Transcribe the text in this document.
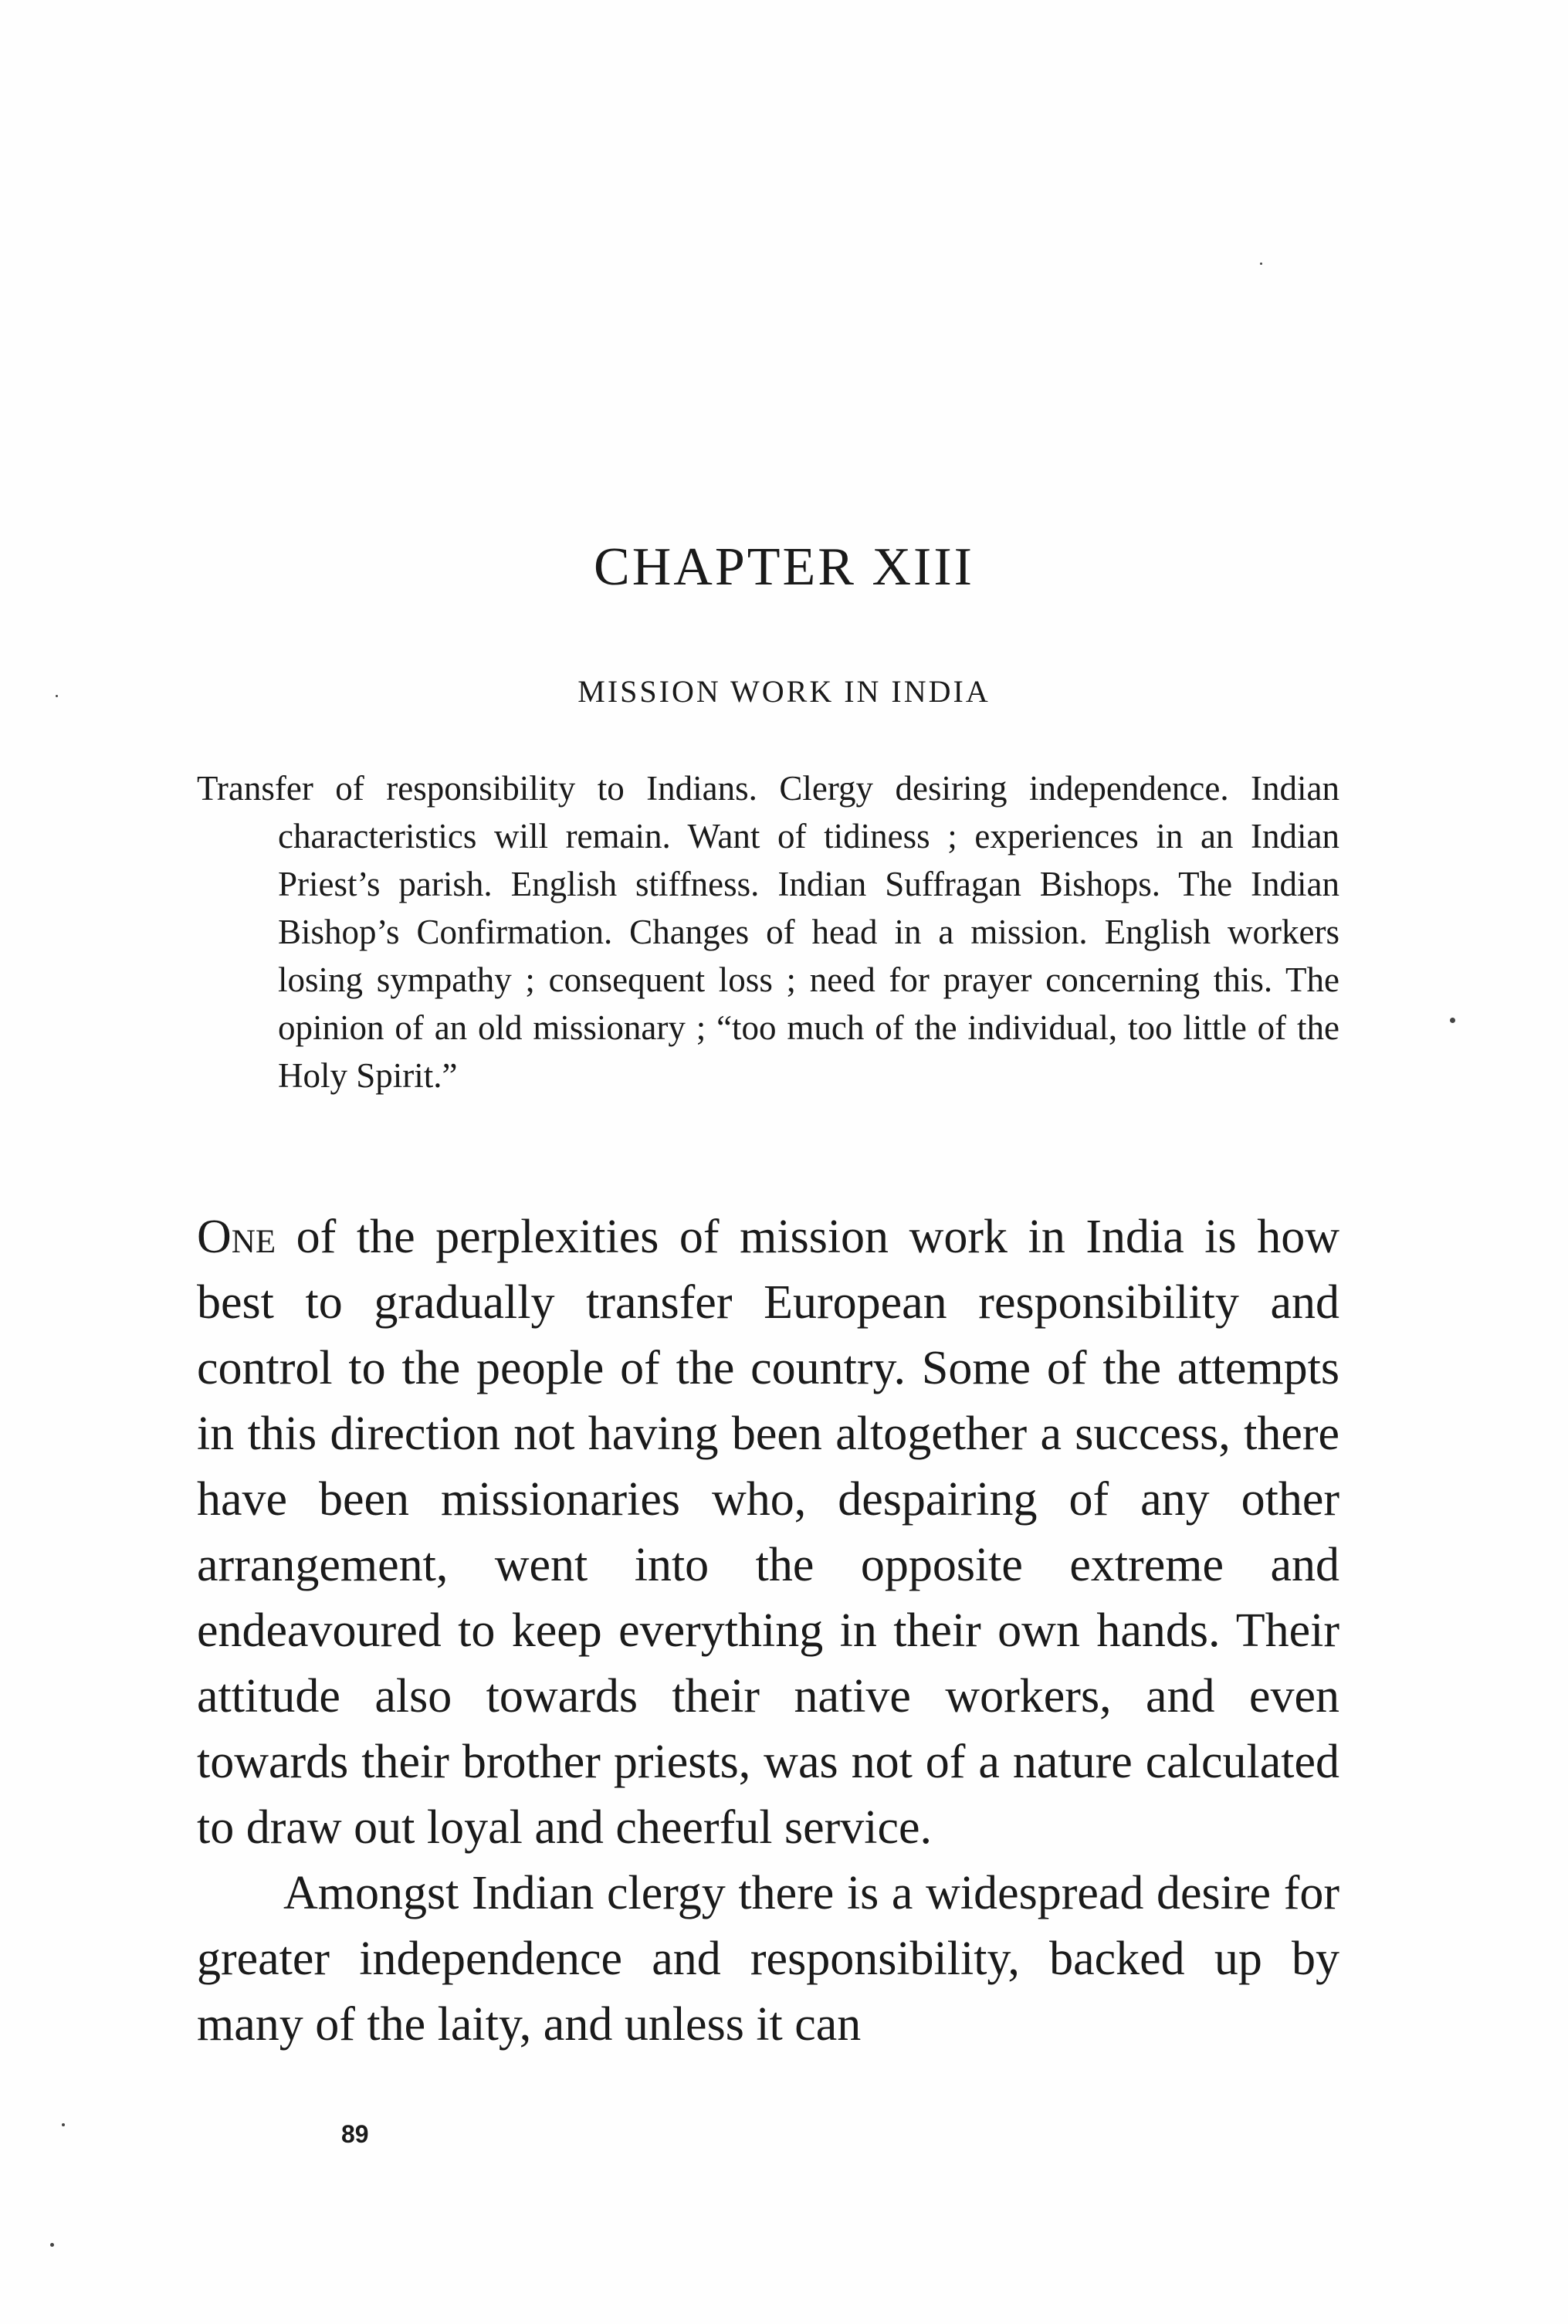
CHAPTER XIII
MISSION WORK IN INDIA
Transfer of responsibility to Indians. Clergy desiring independence. Indian characteristics will remain. Want of tidiness ; experiences in an Indian Priest’s parish. English stiffness. Indian Suffragan Bishops. The Indian Bishop’s Confirmation. Changes of head in a mission. English workers losing sympathy ; consequent loss ; need for prayer concerning this. The opinion of an old missionary ; “too much of the individual, too little of the Holy Spirit.”

One of the perplexities of mission work in India is how best to gradually transfer European responsibility and control to the people of the country. Some of the attempts in this direction not having been altogether a success, there have been missionaries who, despairing of any other arrangement, went into the opposite extreme and endeavoured to keep everything in their own hands. Their attitude also towards their native workers, and even towards their brother priests, was not of a nature calculated to draw out loyal and cheerful service.

Amongst Indian clergy there is a widespread desire for greater independence and responsibility, backed up by many of the laity, and unless it can

89
